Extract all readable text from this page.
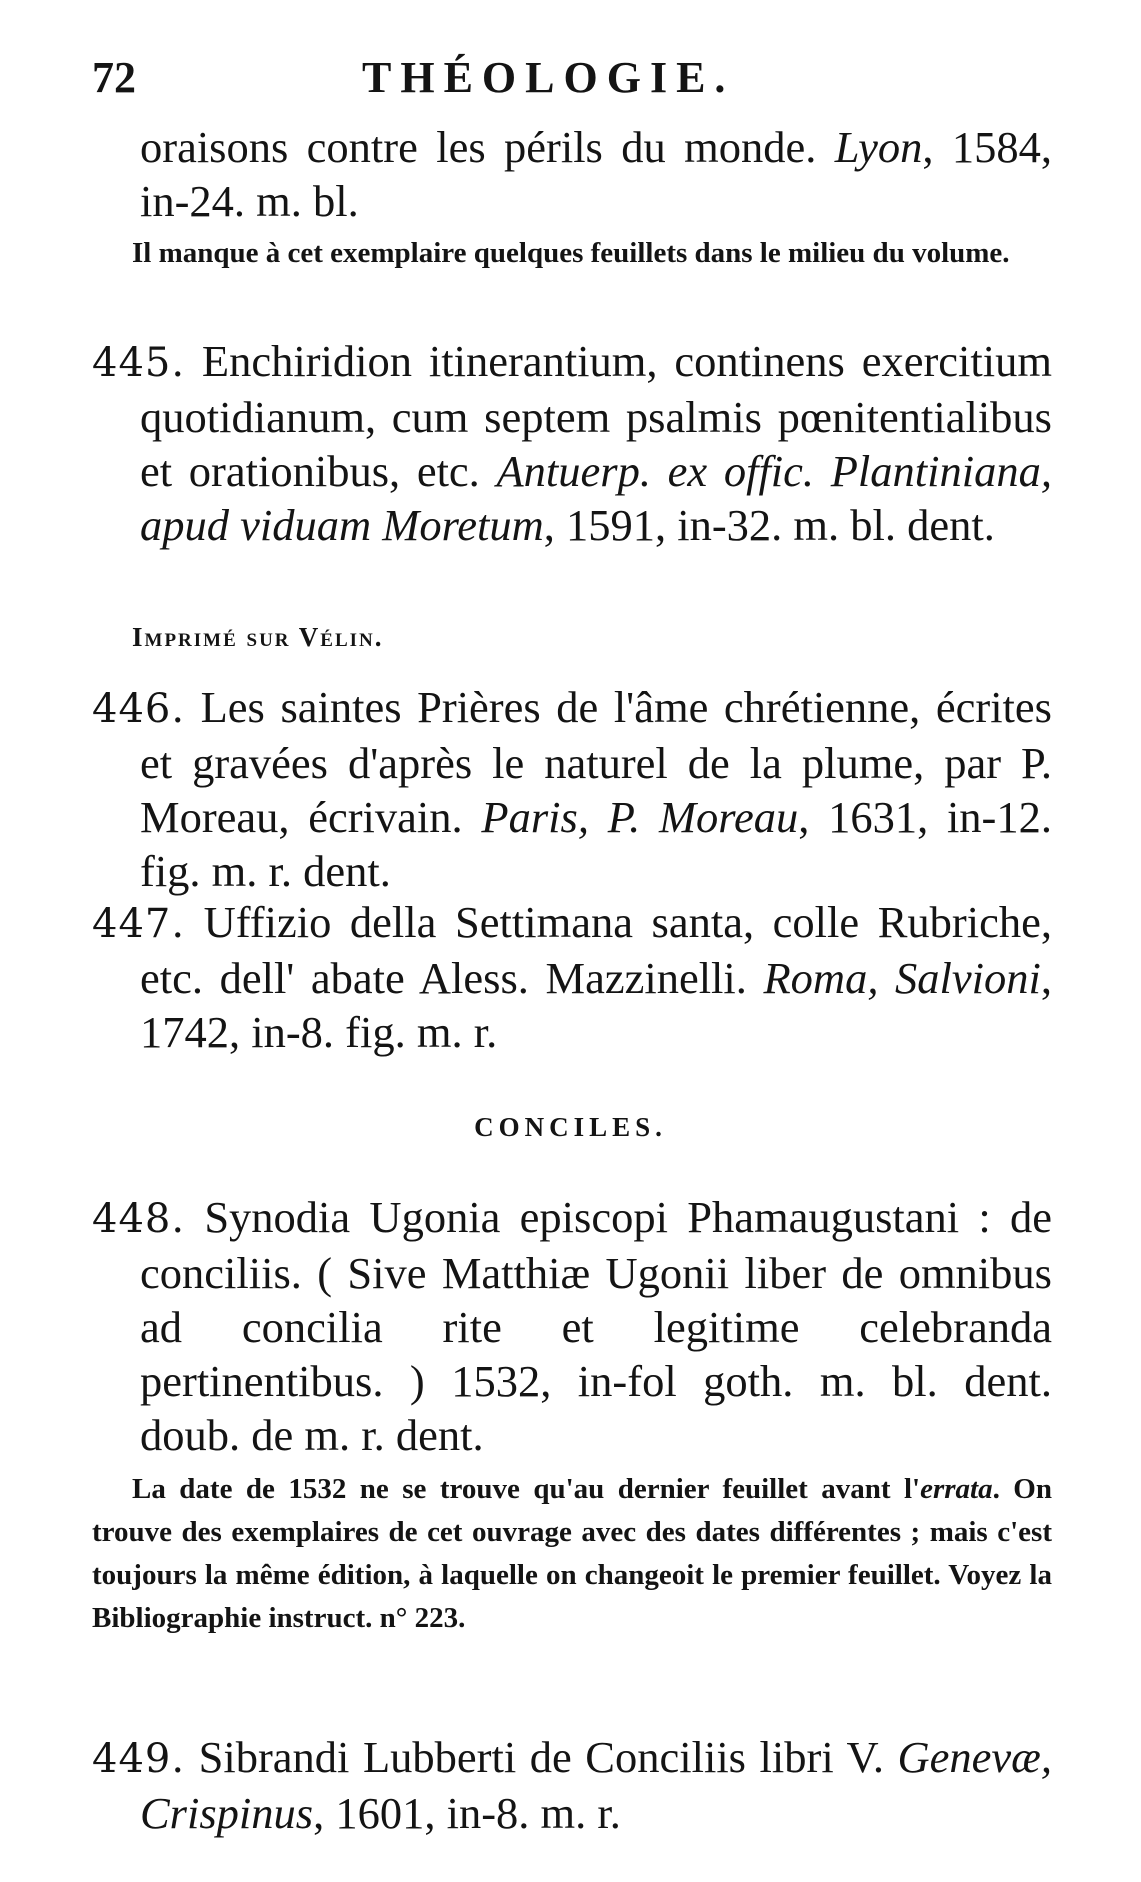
72	THÉOLOGIE.
oraisons contre les périls du monde. Lyon, 1584,
in-24. m. bl.
Il manque à cet exemplaire quelques feuillets dans le milieu du volume.
445. Enchiridion itinerantium, continens exercitium quotidianum, cum septem psalmis pœnitentialibus et orationibus, etc. Antuerp. ex offic. Plantiniana, apud viduam Moretum, 1591, in-32. m. bl. dent.
Imprimé sur Vélin.
446. Les saintes Prières de l'âme chrétienne, écrites et gravées d'après le naturel de la plume, par P. Moreau, écrivain. Paris, P. Moreau, 1631, in-12. fig. m. r. dent.
447. Uffizio della Settimana santa, colle Rubriche, etc. dell' abate Aless. Mazzinelli. Roma, Salvioni, 1742, in-8. fig. m. r.
CONCILES.
448. Synodia Ugonia episcopi Phamaugustani : de conciliis. ( Sive Matthiæ Ugonii liber de omnibus ad concilia rite et legitime celebranda pertinentibus. ) 1532, in-fol goth. m. bl. dent. doub. de m. r. dent.
La date de 1532 ne se trouve qu'au dernier feuillet avant l'errata. On trouve des exemplaires de cet ouvrage avec des dates différentes ; mais c'est toujours la même édition, à laquelle on changeoit le premier feuillet. Voyez la Bibliographie instruct. n° 223.
449. Sibrandi Lubberti de Conciliis libri V. Genevæ, Crispinus, 1601, in-8. m. r.
